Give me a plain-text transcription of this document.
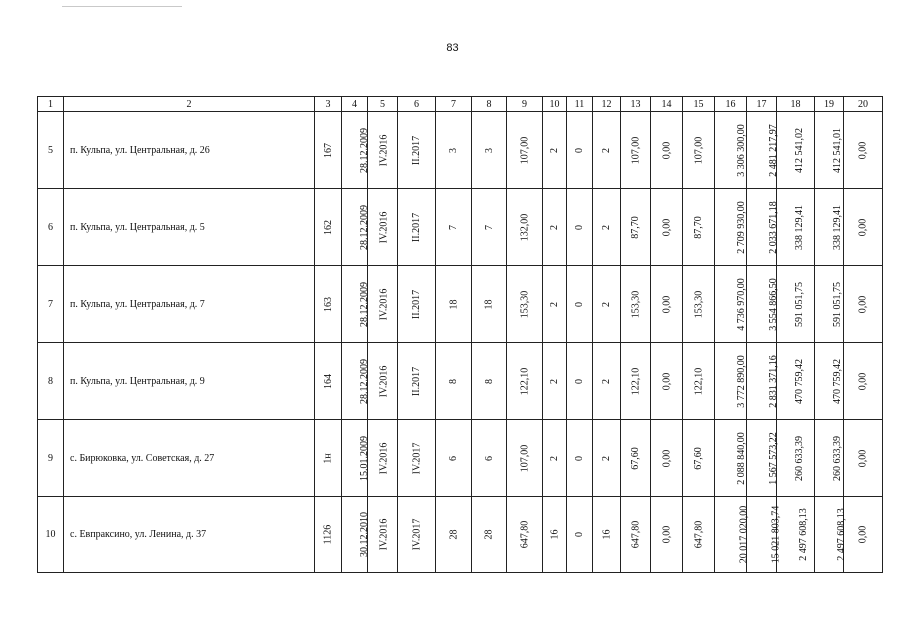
83
1	2	3	4	5	6	7	8	9	10	11	12	13	14	15	16	17	18	19	20
5	п. Кульпа, ул. Центральная, д. 26	167	28.12.2009	IV.2016	II.2017	3	3	107,00	2	0	2	107,00	0,00	107,00	3 306 300,00	2 481 217,97	412 541,02	412 541,01	0,00
6	п. Кульпа, ул. Центральная, д. 5	162	28.12.2009	IV.2016	II.2017	7	7	132,00	2	0	2	87,70	0,00	87,70	2 709 930,00	2 033 671,18	338 129,41	338 129,41	0,00
7	п. Кульпа, ул. Центральная, д. 7	163	28.12.2009	IV.2016	II.2017	18	18	153,30	2	0	2	153,30	0,00	153,30	4 736 970,00	3 554 866,50	591 051,75	591 051,75	0,00
8	п. Кульпа, ул. Центральная, д. 9	164	28.12.2009	IV.2016	II.2017	8	8	122,10	2	0	2	122,10	0,00	122,10	3 772 890,00	2 831 371,16	470 759,42	470 759,42	0,00
9	с. Бирюковка, ул. Советская, д. 27	1н	15.01.2009	IV.2016	IV.2017	6	6	107,00	2	0	2	67,60	0,00	67,60	2 088 840,00	1 567 573,22	260 633,39	260 633,39	0,00
10	с. Евпраксино, ул. Ленина, д. 37	1126	30.12.2010	IV.2016	IV.2017	28	28	647,80	16	0	16	647,80	0,00	647,80	20 017 020,00	15 021 803,74	2 497 608,13	2 497 608,13	0,00
